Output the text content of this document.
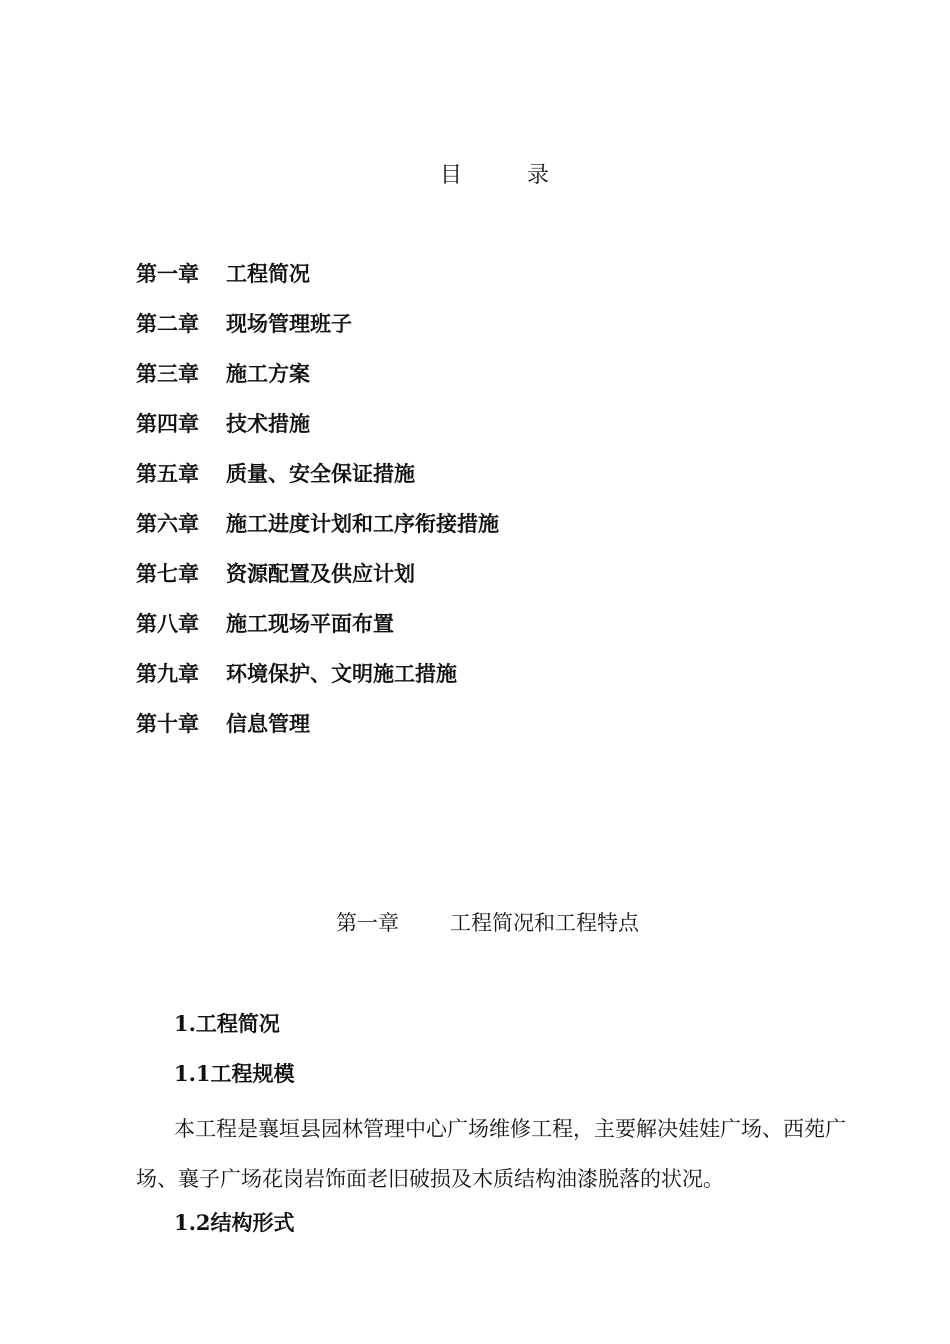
目	录
第一章 工程简况
第二章 现场管理班子
第三章 施工方案
第四章 技术措施
第五章 质量、安全保证措施
第六章 施工进度计划和工序衔接措施
第七章 资源配置及供应计划
第八章 施工现场平面布置
第九章 环境保护、文明施工措施
第十章 信息管理
第一章 工程简况和工程特点
1.工程简况
1.1工程规模
本工程是襄垣县园林管理中心广场维修工程，主要解决娃娃广场、西苑广场、襄子广场花岗岩饰面老旧破损及木质结构油漆脱落的状况。
1.2结构形式
